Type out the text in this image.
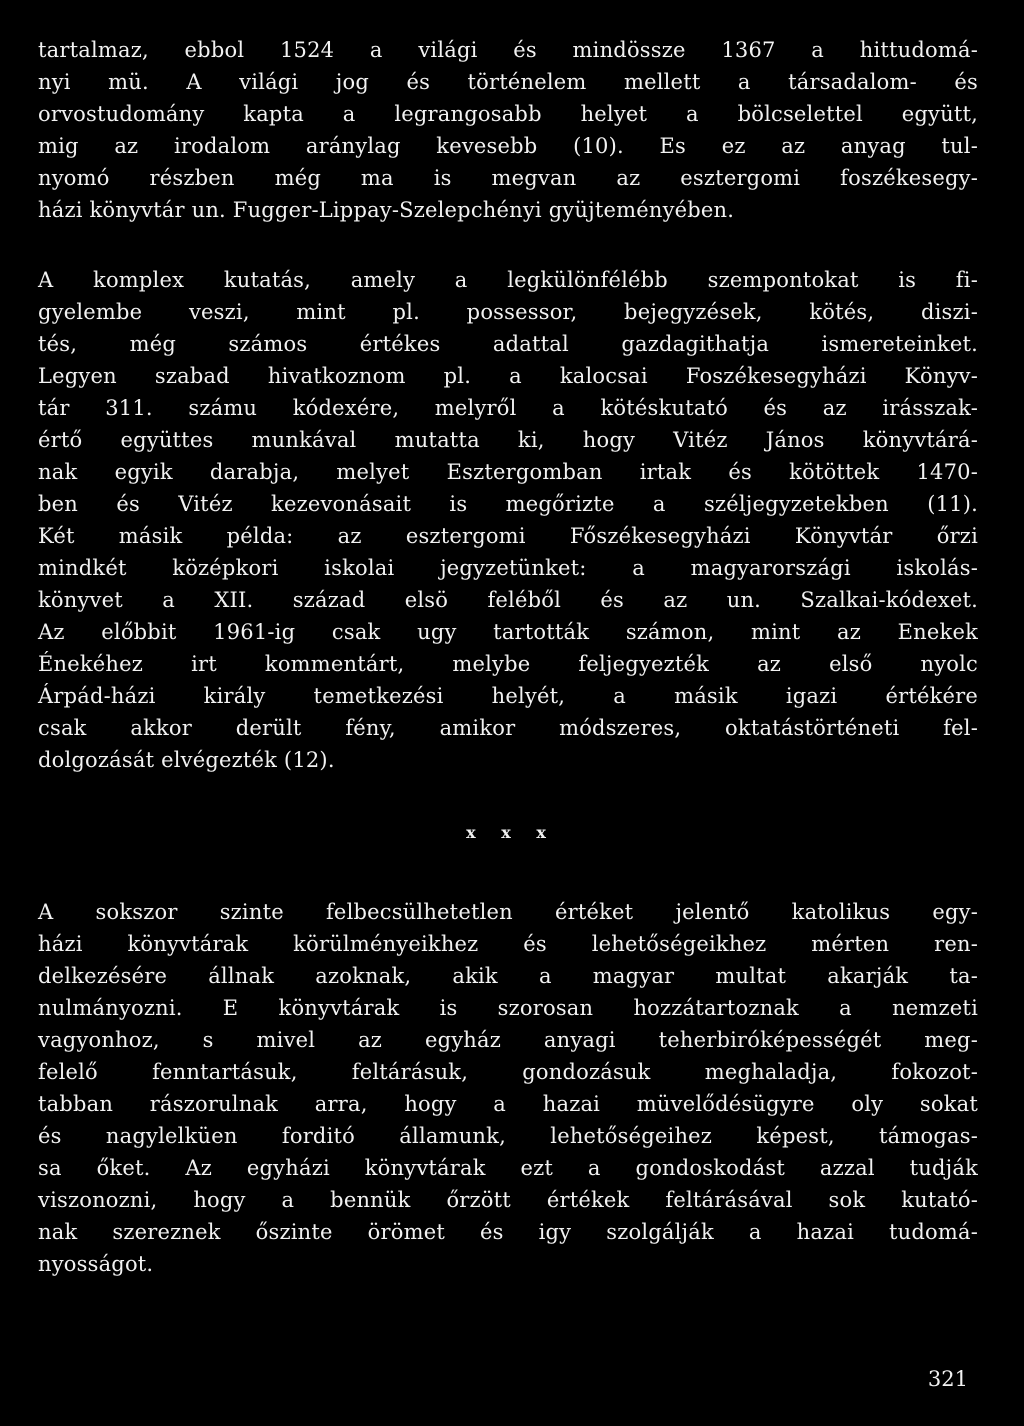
tartalmaz, ebbol 1524 a világi és mindössze 1367 a hittudomá-
nyi mü. A világi jog és történelem mellett a társadalom- és
orvostudomány kapta a legrangosabb helyet a bölcselettel együtt,
mig az irodalom aránylag kevesebb (10). Es ez az anyag tul-
nyomó részben még ma is megvan az esztergomi foszékesegy-
házi könyvtár un. Fugger-Lippay-Szelepchényi gyüjteményében.
A komplex kutatás, amely a legkülönfélébb szempontokat is fi-
gyelembe veszi, mint pl. possessor, bejegyzések, kötés, diszi-
tés, még számos értékes adattal gazdagithatja ismereteinket.
Legyen szabad hivatkoznom pl. a kalocsai Foszékesegyházi Könyv-
tár 311. számu kódexére, melyről a kötéskutató és az irásszak-
értő együttes munkával mutatta ki, hogy Vitéz János könyvtárá-
nak egyik darabja, melyet Esztergomban irtak és kötöttek 1470-
ben és Vitéz kezevonásait is megőrizte a széljegyzetekben (11).
Két másik példa: az esztergomi Főszékesegyházi Könyvtár őrzi
mindkét középkori iskolai jegyzetünket: a magyarországi iskolás-
könyvet a XII. század elsö feléből és az un. Szalkai-kódexet.
Az előbbit 1961-ig csak ugy tartották számon, mint az Enekek
Énekéhez irt kommentárt, melybe feljegyezték az első nyolc
Árpád-házi király temetkezési helyét, a másik igazi értékére
csak akkor derült fény, amikor módszeres, oktatástörténeti fel-
dolgozását elvégezték (12).
x x x
A sokszor szinte felbecsülhetetlen értéket jelentő katolikus egy-
házi könyvtárak körülményeikhez és lehetőségeikhez mérten ren-
delkezésére állnak azoknak, akik a magyar multat akarják ta-
nulmányozni. E könyvtárak is szorosan hozzátartoznak a nemzeti
vagyonhoz, s mivel az egyház anyagi teherbiróképességét meg-
felelő fenntartásuk, feltárásuk, gondozásuk meghaladja, fokozot-
tabban rászorulnak arra, hogy a hazai müvelődésügyre oly sokat
és nagylelküen forditó államunk, lehetőségeihez képest, támogas-
sa őket. Az egyházi könyvtárak ezt a gondoskodást azzal tudják
viszonozni, hogy a bennük őrzött értékek feltárásával sok kutató-
nak szereznek őszinte örömet és igy szolgálják a hazai tudomá-
nyosságot.
321
